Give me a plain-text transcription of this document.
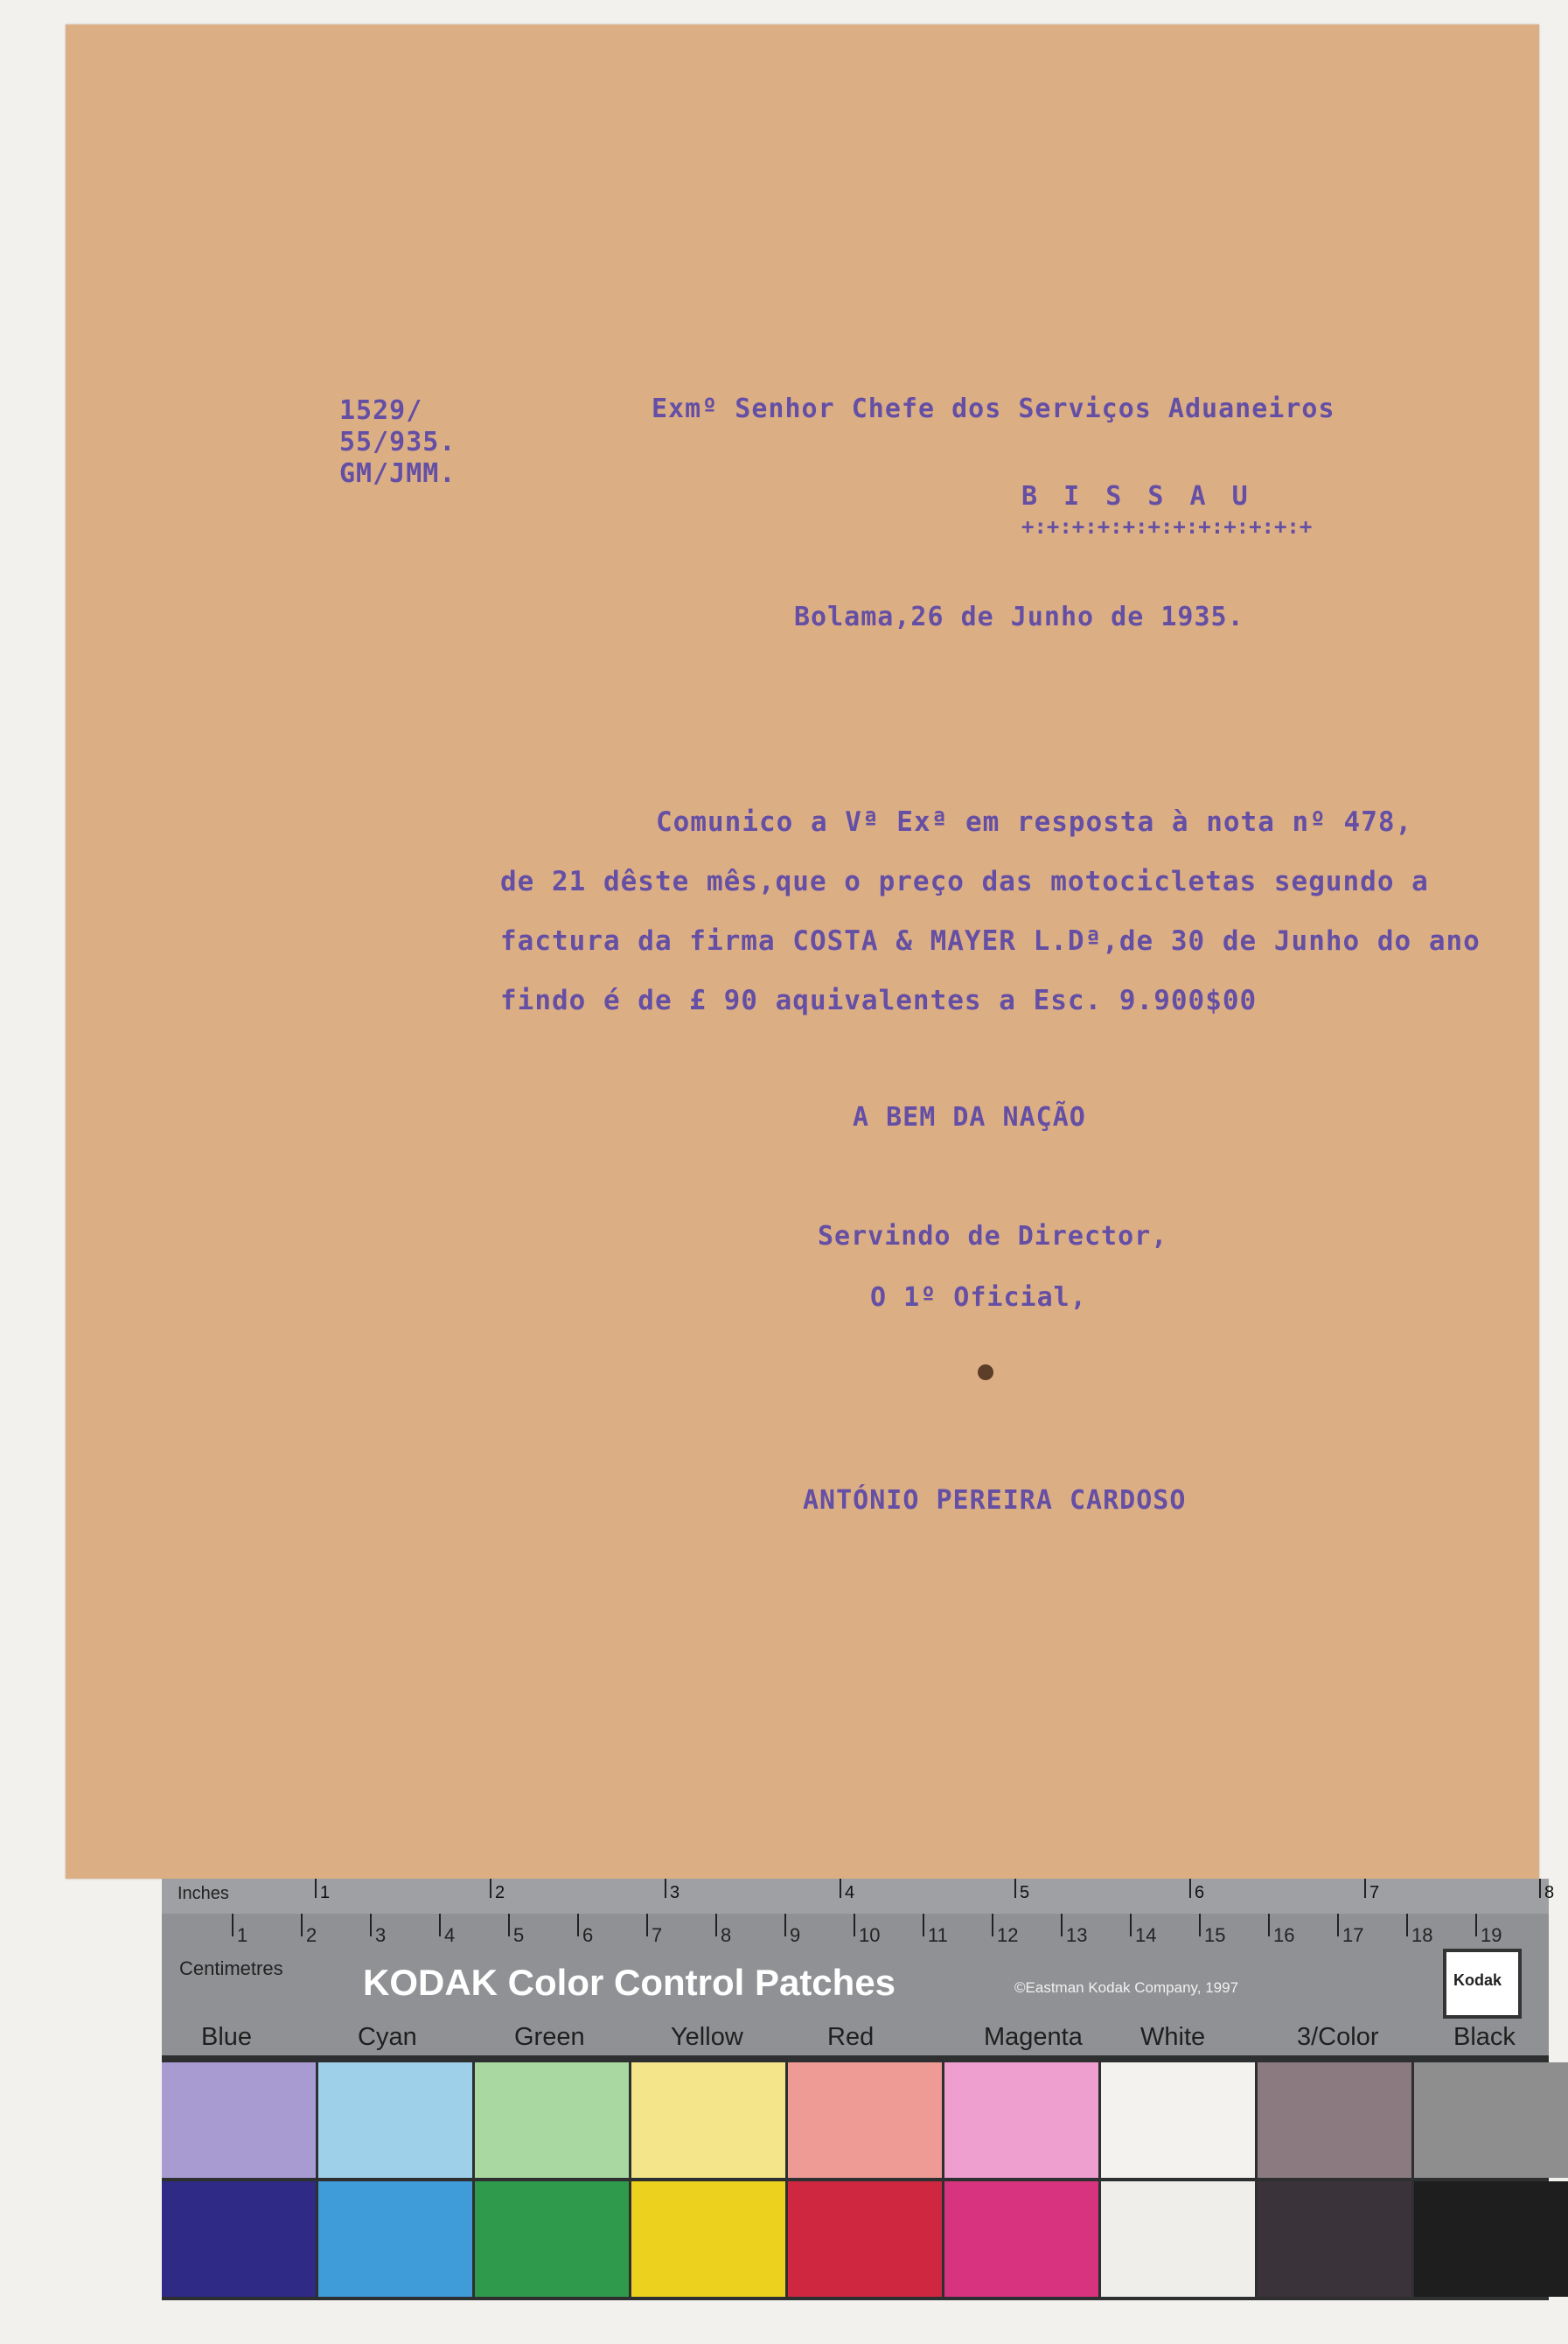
1529/
55/935.
GM/JMM.
Exmº Senhor Chefe dos Serviços Aduaneiros
B I S S A U
+:+:+:+:+:+:+:+:+:+:+:+
Bolama,26 de Junho de 1935.
Comunico a Vª Exª em resposta à nota nº 478,
de 21 dêste mês,que o preço das motocicletas segundo a
factura da firma COSTA & MAYER L.Dª,de 30 de Junho do ano
findo é de £ 90 aquivalentes a Esc. 9.900$00
A BEM DA NAÇÃO
Servindo de Director,
O 1º Oficial,
ANTÓNIO PEREIRA CARDOSO
Inches
Centimetres
1	2	3	4	5	6	7	8
1	2	3	4	5	6	7	8	9	10 11	12 13 14 15 16 17 18 19
KODAK Color Control Patches	©Eastman Kodak Company, 1997	Kodak
Blue	Cyan	Green	Yellow	Red	Magenta White	3/Color	Black
